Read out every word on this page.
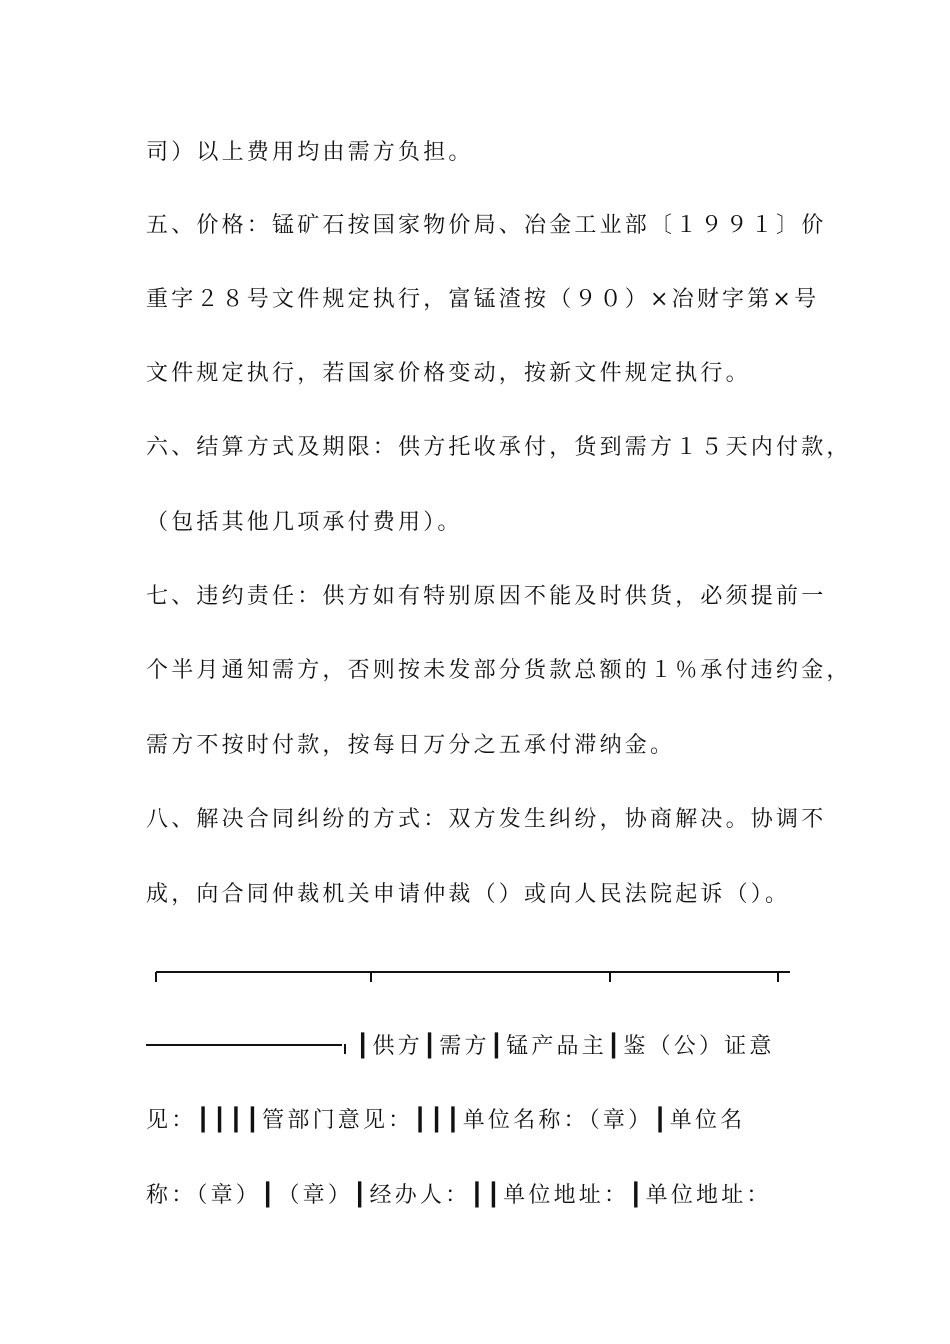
司）以上费用均由需方负担。
五、价格：锰矿石按国家物价局、冶金工业部〔１９９１〕价
重字２８号文件规定执行，富锰渣按（９０）×冶财字第×号
文件规定执行，若国家价格变动，按新文件规定执行。
六、结算方式及期限：供方托收承付，货到需方１５天内付款，
（包括其他几项承付费用）。
七、违约责任：供方如有特别原因不能及时供货，必须提前一
个半月通知需方，否则按未发部分货款总额的１％承付违约金，
需方不按时付款，按每日万分之五承付滞纳金。
八、解决合同纠纷的方式：双方发生纠纷，协商解决。协调不
成，向合同仲裁机关申请仲裁（）或向人民法院起诉（）。
┃供方┃需方┃锰产品主┃鉴（公）证意
见：┃┃┃┃管部门意见：┃┃┃单位名称：（章）┃单位名
称：（章）┃（章）┃经办人：┃┃单位地址：┃单位地址：
